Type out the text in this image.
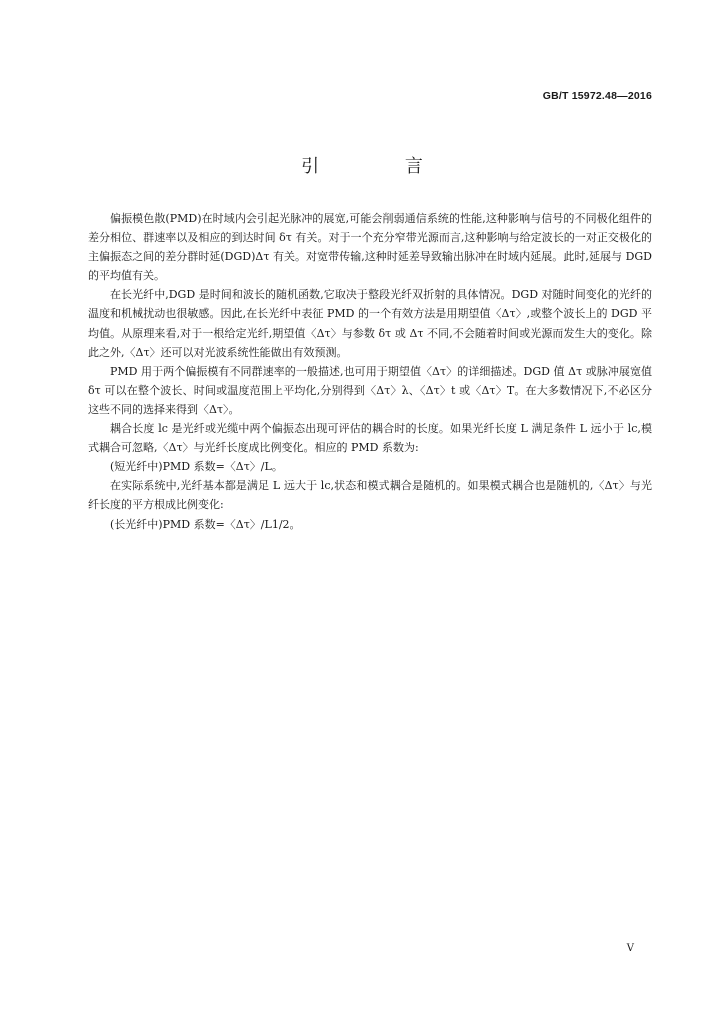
GB/T 15972.48—2016
引 言

偏振模色散(PMD)在时域内会引起光脉冲的展宽,可能会削弱通信系统的性能,这种影响与信号的不同极化组件的差分相位、群速率以及相应的到达时间 δτ 有关。对于一个充分窄带光源而言,这种影响与给定波长的一对正交极化的主偏振态之间的差分群时延(DGD)Δτ 有关。对宽带传输,这种时延差导致输出脉冲在时域内延展。此时,延展与 DGD 的平均值有关。

在长光纤中,DGD 是时间和波长的随机函数,它取决于整段光纤双折射的具体情况。DGD 对随时间变化的光纤的温度和机械扰动也很敏感。因此,在长光纤中表征 PMD 的一个有效方法是用期望值〈Δτ〉,或整个波长上的 DGD 平均值。从原理来看,对于一根给定光纤,期望值〈Δτ〉与参数 δτ 或 Δτ 不同,不会随着时间或光源而发生大的变化。除此之外,〈Δτ〉还可以对光波系统性能做出有效预测。

PMD 用于两个偏振模有不同群速率的一般描述,也可用于期望值〈Δτ〉的详细描述。DGD 值 Δτ 或脉冲展宽值 δτ 可以在整个波长、时间或温度范围上平均化,分别得到〈Δτ〉λ、〈Δτ〉t 或〈Δτ〉T。在大多数情况下,不必区分这些不同的选择来得到〈Δτ〉。

耦合长度 lc 是光纤或光缆中两个偏振态出现可评估的耦合时的长度。如果光纤长度 L 满足条件 L 远小于 lc,模式耦合可忽略,〈Δτ〉与光纤长度成比例变化。相应的 PMD 系数为:

(短光纤中)PMD 系数=〈Δτ〉/L。

在实际系统中,光纤基本都是满足 L 远大于 lc,状态和模式耦合是随机的。如果模式耦合也是随机的,〈Δτ〉与光纤长度的平方根成比例变化:

(长光纤中)PMD 系数=〈Δτ〉/L1/2。

V
